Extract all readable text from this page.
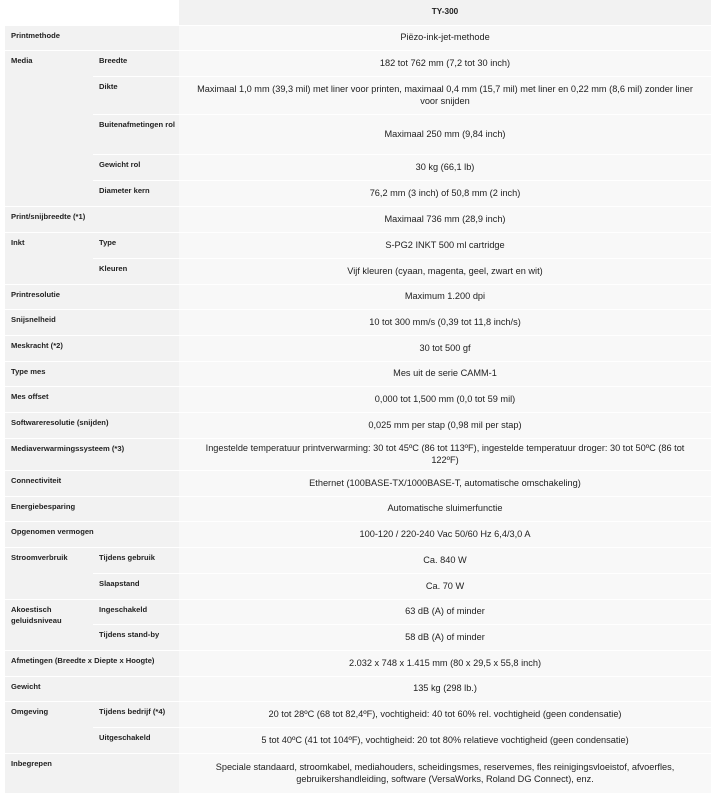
		TY-300
Printmethode		Piëzo-ink-jet-methode
Media	Breedte	182 tot 762 mm (7,2 tot 30 inch)
	Dikte	Maximaal 1,0 mm (39,3 mil) met liner voor printen, maximaal 0,4 mm (15,7 mil) met liner en 0,22 mm (8,6 mil) zonder liner voor snijden
	Buitenafmetingen rol	Maximaal 250 mm (9,84 inch)
	Gewicht rol	30 kg (66,1 lb)
	Diameter kern	76,2 mm (3 inch) of 50,8 mm (2 inch)
Print/snijbreedte (*1)		Maximaal 736 mm (28,9 inch)
Inkt	Type	S-PG2 INKT 500 ml cartridge
	Kleuren	Vijf kleuren (cyaan, magenta, geel, zwart en wit)
Printresolutie		Maximum 1.200 dpi
Snijsnelheid		10 tot 300 mm/s (0,39 tot 11,8 inch/s)
Meskracht (*2)		30 tot 500 gf
Type mes		Mes uit de serie CAMM-1
Mes offset		0,000 tot 1,500 mm (0,0 tot 59 mil)
Softwareresolutie (snijden)		0,025 mm per stap (0,98 mil per stap)
Mediaverwarmingssysteem (*3)		Ingestelde temperatuur printverwarming: 30 tot 45ºC (86 tot 113ºF), ingestelde temperatuur droger: 30 tot 50ºC (86 tot 122ºF)
Connectiviteit		Ethernet (100BASE-TX/1000BASE-T, automatische omschakeling)
Energiebesparing		Automatische sluimerfunctie
Opgenomen vermogen		100-120 / 220-240 Vac 50/60 Hz 6,4/3,0 A
Stroomverbruik	Tijdens gebruik	Ca. 840 W
	Slaapstand	Ca. 70 W
Akoestisch geluidsniveau	Ingeschakeld	63 dB (A) of minder
	Tijdens stand-by	58 dB (A) of minder
Afmetingen (Breedte x Diepte x Hoogte)		2.032 x 748 x 1.415 mm (80 x 29,5 x 55,8 inch)
Gewicht		135 kg (298 lb.)
Omgeving	Tijdens bedrijf (*4)	20 tot 28ºC (68 tot 82,4ºF), vochtigheid: 40 tot 60% rel. vochtigheid (geen condensatie)
	Uitgeschakeld	5 tot 40ºC (41 tot 104ºF), vochtigheid: 20 tot 80% relatieve vochtigheid (geen condensatie)
Inbegrepen		Speciale standaard, stroomkabel, mediahouders, scheidingsmes, reservemes, fles reinigingsvloeistof, afvoerfles, gebruikershandleiding, software (VersaWorks, Roland DG Connect), enz.
